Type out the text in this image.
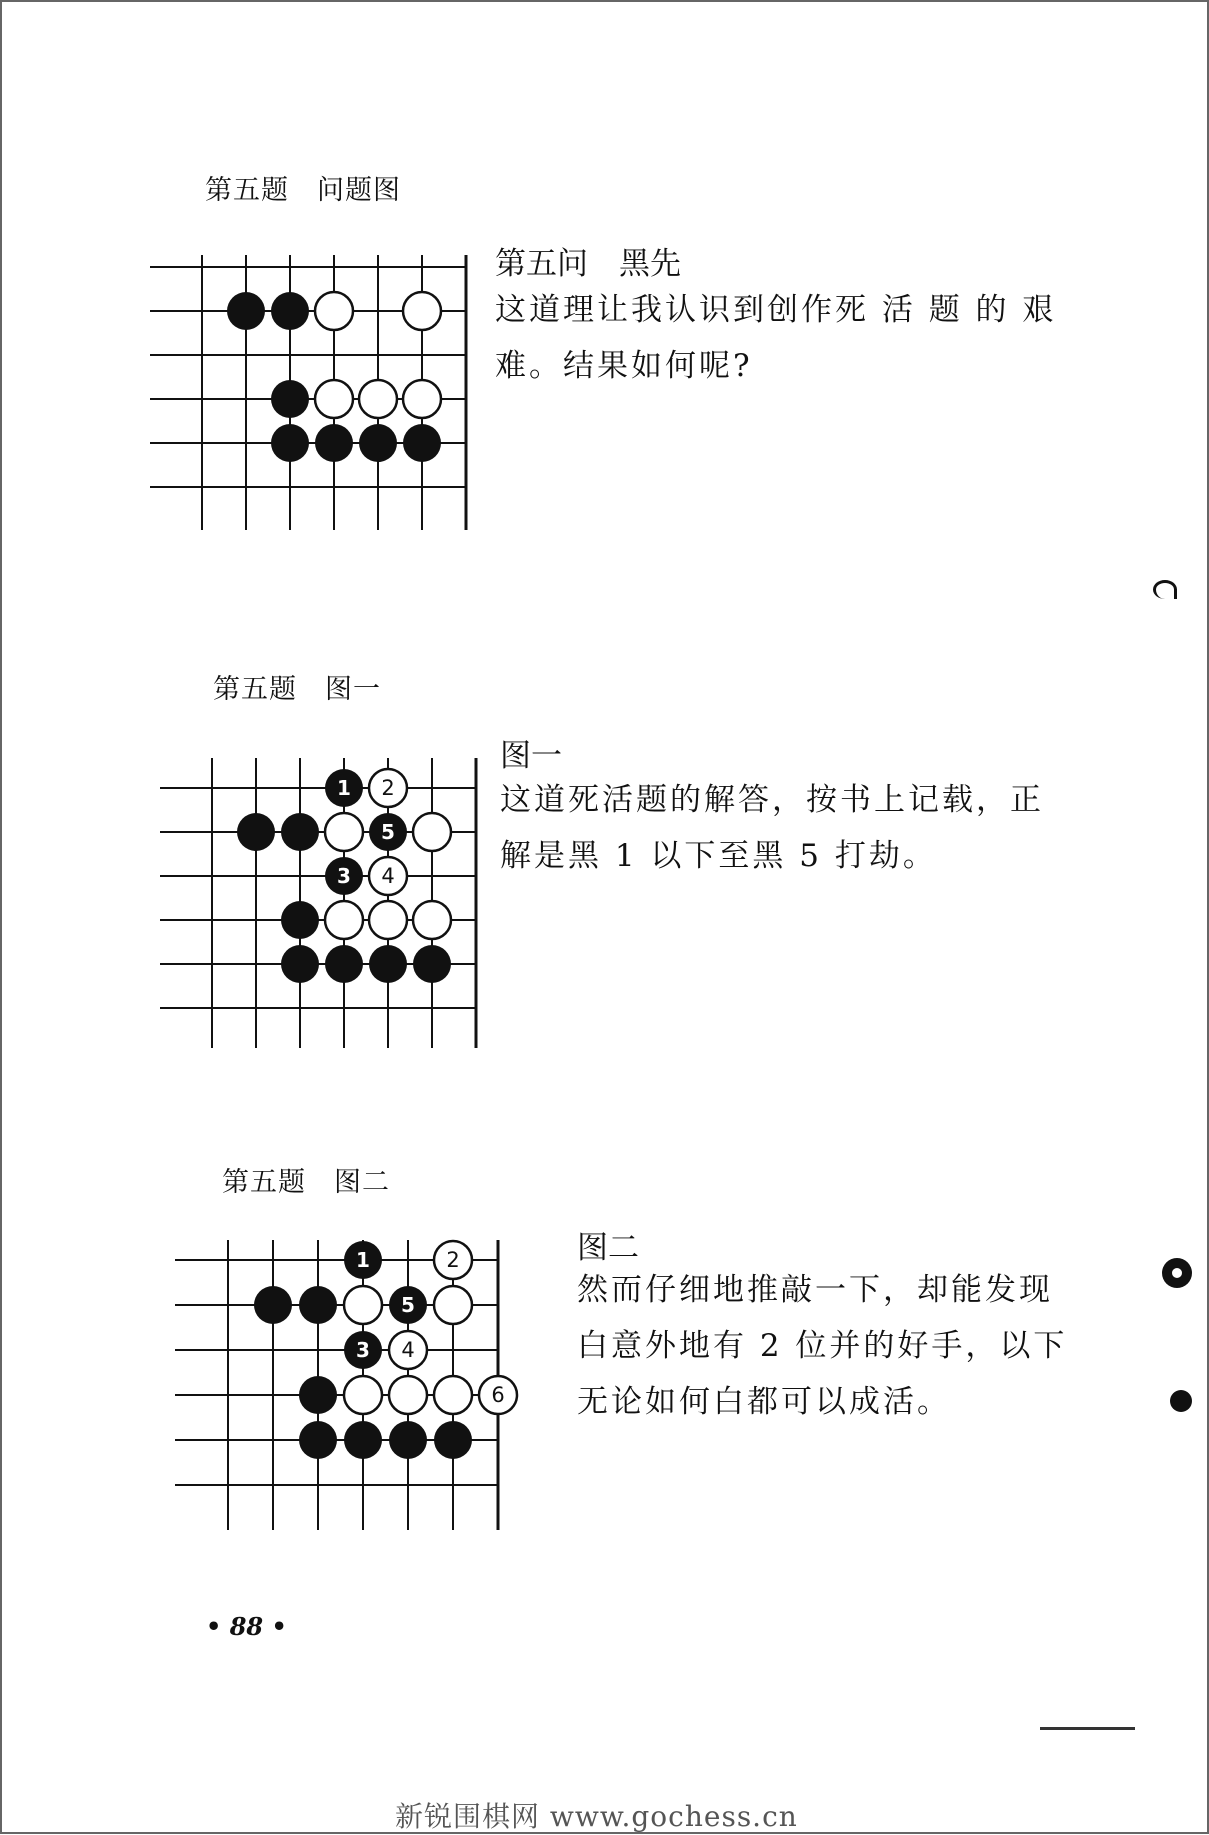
第五题　问题图
第五问　黑先
这道理让我认识到创作死 活 题 的 艰
难。结果如何呢?
第五题　图一
1 2
5
3 4
图一
这道死活题的解答，按书上记载，正
解是黑 1 以下至黑 5 打劫。
第五题　图二
1	2
5
3 4
6
图二
然而仔细地推敲一下，却能发现
白意外地有 2 位并的好手，以下
无论如何白都可以成活。
• 88 •
新锐围棋网 www.gochess.cn
